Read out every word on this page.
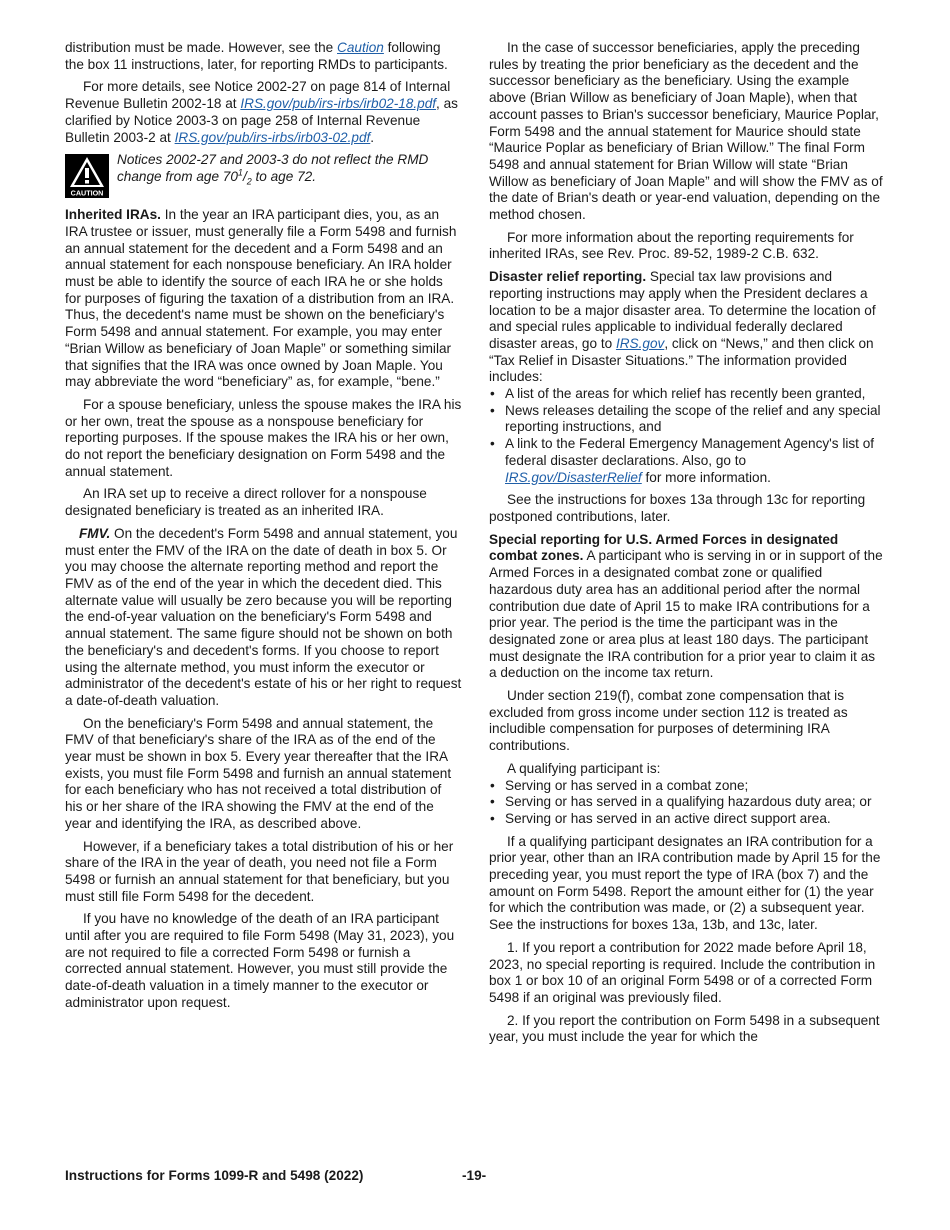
distribution must be made. However, see the Caution following the box 11 instructions, later, for reporting RMDs to participants.

For more details, see Notice 2002-27 on page 814 of Internal Revenue Bulletin 2002-18 at IRS.gov/pub/irs-irbs/irb02-18.pdf, as clarified by Notice 2003-3 on page 258 of Internal Revenue Bulletin 2003-2 at IRS.gov/pub/irs-irbs/irb03-02.pdf.

CAUTION
Notices 2002-27 and 2003-3 do not reflect the RMD change from age $70^1/_2$ to age 72.

Inherited IRAs. In the year an IRA participant dies, you, as an IRA trustee or issuer, must generally file a Form 5498 and furnish an annual statement for the decedent and a Form 5498 and an annual statement for each nonspouse beneficiary. An IRA holder must be able to identify the source of each IRA he or she holds for purposes of figuring the taxation of a distribution from an IRA. Thus, the decedent's name must be shown on the beneficiary's Form 5498 and annual statement. For example, you may enter “Brian Willow as beneficiary of Joan Maple” or something similar that signifies that the IRA was once owned by Joan Maple. You may abbreviate the word “beneficiary” as, for example, “bene.”

For a spouse beneficiary, unless the spouse makes the IRA his or her own, treat the spouse as a nonspouse beneficiary for reporting purposes. If the spouse makes the IRA his or her own, do not report the beneficiary designation on Form 5498 and the annual statement.

An IRA set up to receive a direct rollover for a nonspouse designated beneficiary is treated as an inherited IRA.

FMV. On the decedent's Form 5498 and annual statement, you must enter the FMV of the IRA on the date of death in box 5. Or you may choose the alternate reporting method and report the FMV as of the end of the year in which the decedent died. This alternate value will usually be zero because you will be reporting the end-of-year valuation on the beneficiary's Form 5498 and annual statement. The same figure should not be shown on both the beneficiary's and decedent's forms. If you choose to report using the alternate method, you must inform the executor or administrator of the decedent's estate of his or her right to request a date-of-death valuation.

On the beneficiary's Form 5498 and annual statement, the FMV of that beneficiary's share of the IRA as of the end of the year must be shown in box 5. Every year thereafter that the IRA exists, you must file Form 5498 and furnish an annual statement for each beneficiary who has not received a total distribution of his or her share of the IRA showing the FMV at the end of the year and identifying the IRA, as described above.

However, if a beneficiary takes a total distribution of his or her share of the IRA in the year of death, you need not file a Form 5498 or furnish an annual statement for that beneficiary, but you must still file Form 5498 for the decedent.

If you have no knowledge of the death of an IRA participant until after you are required to file Form 5498 (May 31, 2023), you are not required to file a corrected Form 5498 or furnish a corrected annual statement. However, you must still provide the date-of-death valuation in a timely manner to the executor or administrator upon request.

In the case of successor beneficiaries, apply the preceding rules by treating the prior beneficiary as the decedent and the successor beneficiary as the beneficiary. Using the example above (Brian Willow as beneficiary of Joan Maple), when that account passes to Brian's successor beneficiary, Maurice Poplar, Form 5498 and the annual statement for Maurice should state “Maurice Poplar as beneficiary of Brian Willow.” The final Form 5498 and annual statement for Brian Willow will state “Brian Willow as beneficiary of Joan Maple” and will show the FMV as of the date of Brian's death or year-end valuation, depending on the method chosen.

For more information about the reporting requirements for inherited IRAs, see Rev. Proc. 89-52, 1989-2 C.B. 632.

Disaster relief reporting. Special tax law provisions and reporting instructions may apply when the President declares a location to be a major disaster area. To determine the location of and special rules applicable to individual federally declared disaster areas, go to IRS.gov, click on “News,” and then click on “Tax Relief in Disaster Situations.” The information provided includes:

• A list of the areas for which relief has recently been granted,
• News releases detailing the scope of the relief and any special reporting instructions, and
• A link to the Federal Emergency Management Agency's list of federal disaster declarations. Also, go to IRS.gov/DisasterRelief for more information.

See the instructions for boxes 13a through 13c for reporting postponed contributions, later.

Special reporting for U.S. Armed Forces in designated combat zones. A participant who is serving in or in support of the Armed Forces in a designated combat zone or qualified hazardous duty area has an additional period after the normal contribution due date of April 15 to make IRA contributions for a prior year. The period is the time the participant was in the designated zone or area plus at least 180 days. The participant must designate the IRA contribution for a prior year to claim it as a deduction on the income tax return.

Under section 219(f), combat zone compensation that is excluded from gross income under section 112 is treated as includible compensation for purposes of determining IRA contributions.

A qualifying participant is:

• Serving or has served in a combat zone;
• Serving or has served in a qualifying hazardous duty area; or
• Serving or has served in an active direct support area.

If a qualifying participant designates an IRA contribution for a prior year, other than an IRA contribution made by April 15 for the preceding year, you must report the type of IRA (box 7) and the amount on Form 5498. Report the amount either for (1) the year for which the contribution was made, or (2) a subsequent year. See the instructions for boxes 13a, 13b, and 13c, later.

1. If you report a contribution for 2022 made before April 18, 2023, no special reporting is required. Include the contribution in box 1 or box 10 of an original Form 5498 or of a corrected Form 5498 if an original was previously filed.

2. If you report the contribution on Form 5498 in a subsequent year, you must include the year for which the

Instructions for Forms 1099-R and 5498 (2022)	-19-
